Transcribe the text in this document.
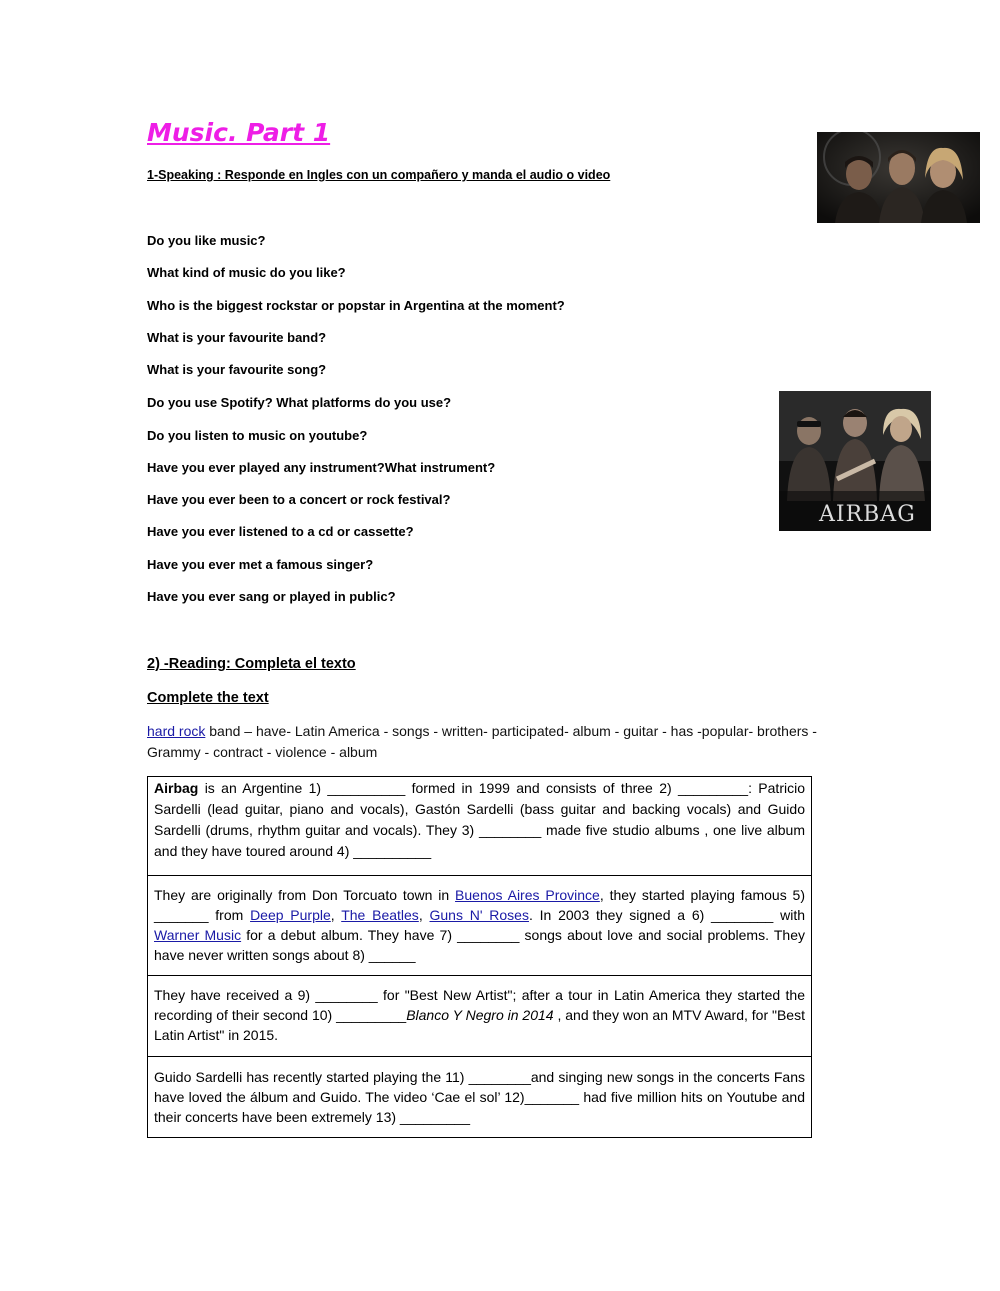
Music. Part 1
1-Speaking : Responde en Ingles con un compañero y manda el audio o video
Do you like music?
What kind of music do you like?
Who is the biggest rockstar or popstar in Argentina at the moment?
What is your favourite band?
What is your favourite song?
Do you use Spotify? What platforms do you use?
Do you listen to music on youtube?
Have you ever played any instrument?What instrument?
Have you ever been to a concert or rock festival?
Have you ever listened to a cd or cassette?
Have you ever met a famous singer?
Have you ever sang or played in public?
AIRBAG
2) -Reading: Completa el texto
Complete the text
hard rock band – have- Latin America - songs - written- participated- album - guitar - has -popular- brothers - Grammy - contract - violence - album
Airbag is an Argentine 1) __________ formed in 1999 and consists of three 2) _________: Patricio Sardelli (lead guitar, piano and vocals), Gastón Sardelli (bass guitar and backing vocals) and Guido Sardelli (drums, rhythm guitar and vocals). They 3) ________ made five studio albums , one live album and they have toured around 4) __________
They are originally from Don Torcuato town in Buenos Aires Province, they started playing famous 5) _______ from Deep Purple, The Beatles, Guns N' Roses. In 2003 they signed a 6) ________ with Warner Music for a debut album. They have 7) ________ songs about love and social problems. They have never written songs about 8) ______
They have received a 9) ________ for "Best New Artist"; after a tour in Latin America they started the recording of their second 10) _________Blanco Y Negro in 2014 , and they won an MTV Award, for "Best Latin Artist" in 2015.
Guido Sardelli has recently started playing the 11) ________and singing new songs in the concerts Fans have loved the álbum and Guido. The video ‘Cae el sol’ 12)_______ had five million hits on Youtube and their concerts have been extremely 13) _________
